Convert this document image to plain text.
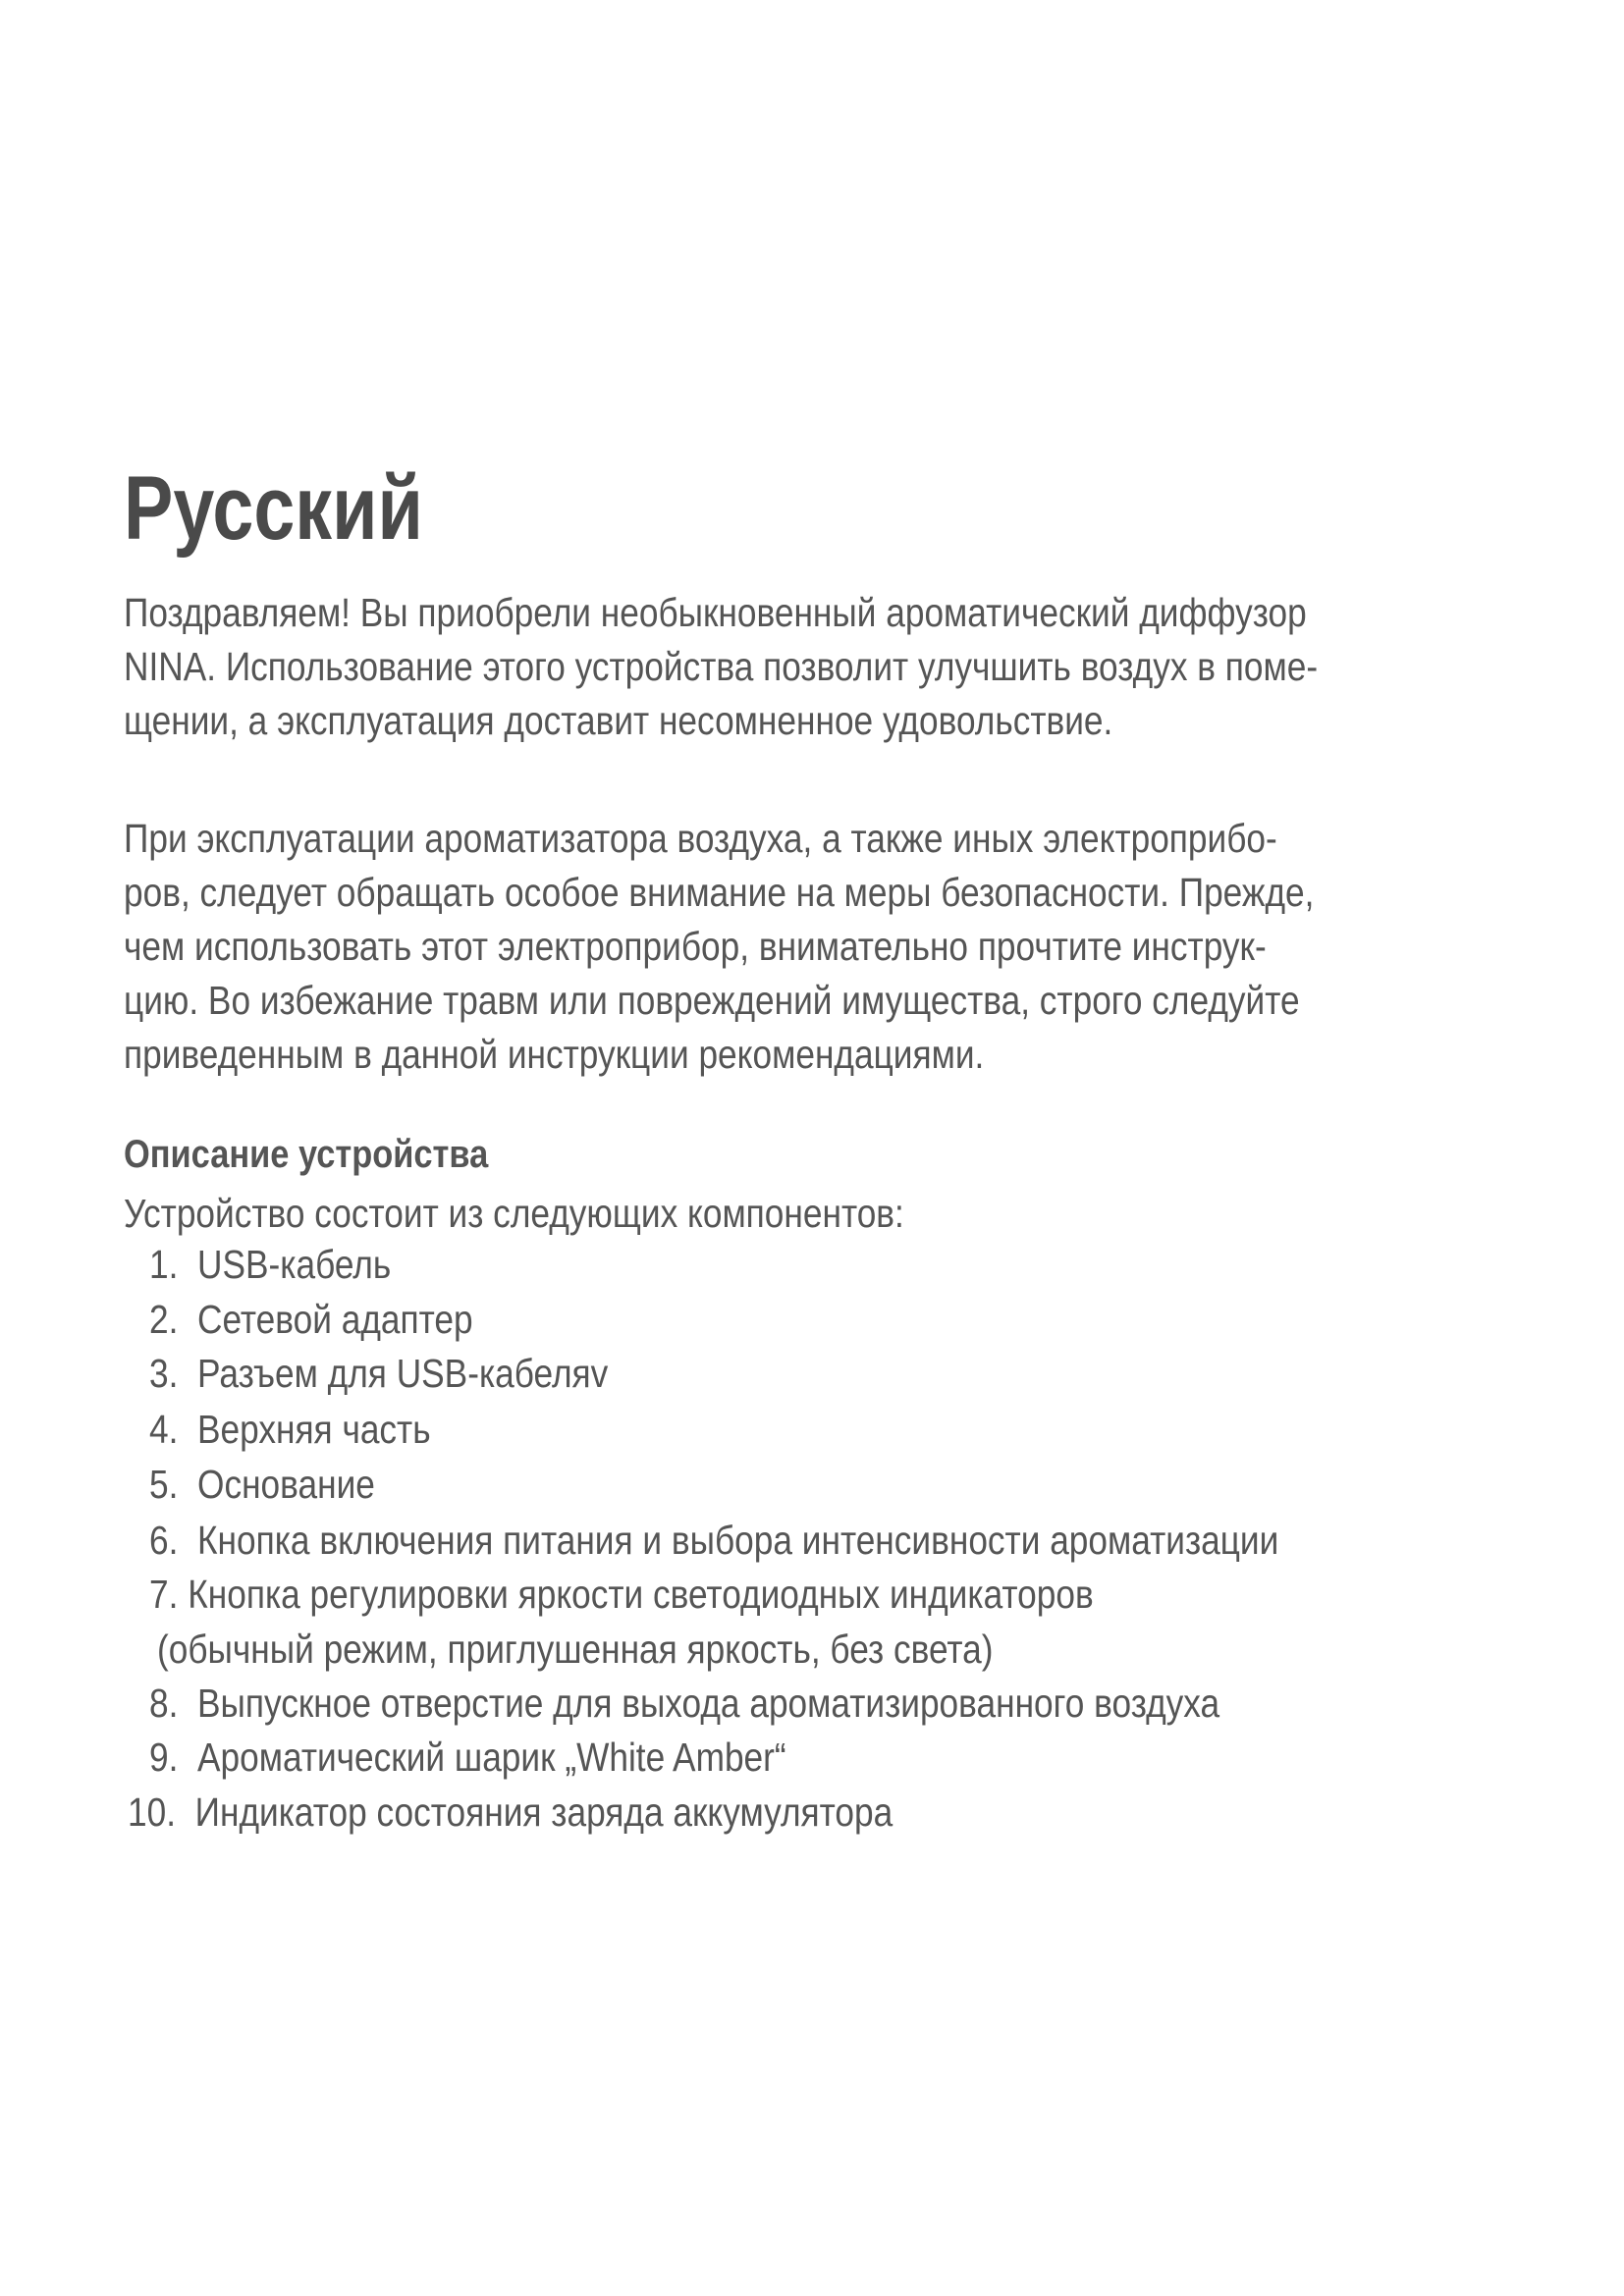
Русский

Поздравляем! Вы приобрели необыкновенный ароматический диффузор
NINA. Использование этого устройства позволит улучшить воздух в поме-
щении, а эксплуатация доставит несомненное удовольствие.

При эксплуатации ароматизатора воздуха, а также иных электроприбо-
ров, следует обращать особое внимание на меры безопасности. Прежде,
чем использовать этот электроприбор, внимательно прочтите инструк-
цию. Во избежание травм или повреждений имущества, строго следуйте
приведенным в данной инструкции рекомендациями.

Описание устройства

Устройство состоит из следующих компонентов:

1. USB-кабель
2. Сетевой адаптер
3. Разъем для USB-кабеляv
4. Верхняя часть
5. Основание
6. Кнопка включения питания и выбора интенсивности ароматизации
7. Кнопка регулировки яркости светодиодных индикаторов
(обычный режим, приглушенная яркость, без света)
8. Выпускное отверстие для выхода ароматизированного воздуха
9. Ароматический шарик „White Amber“
10. Индикатор состояния заряда аккумулятора
